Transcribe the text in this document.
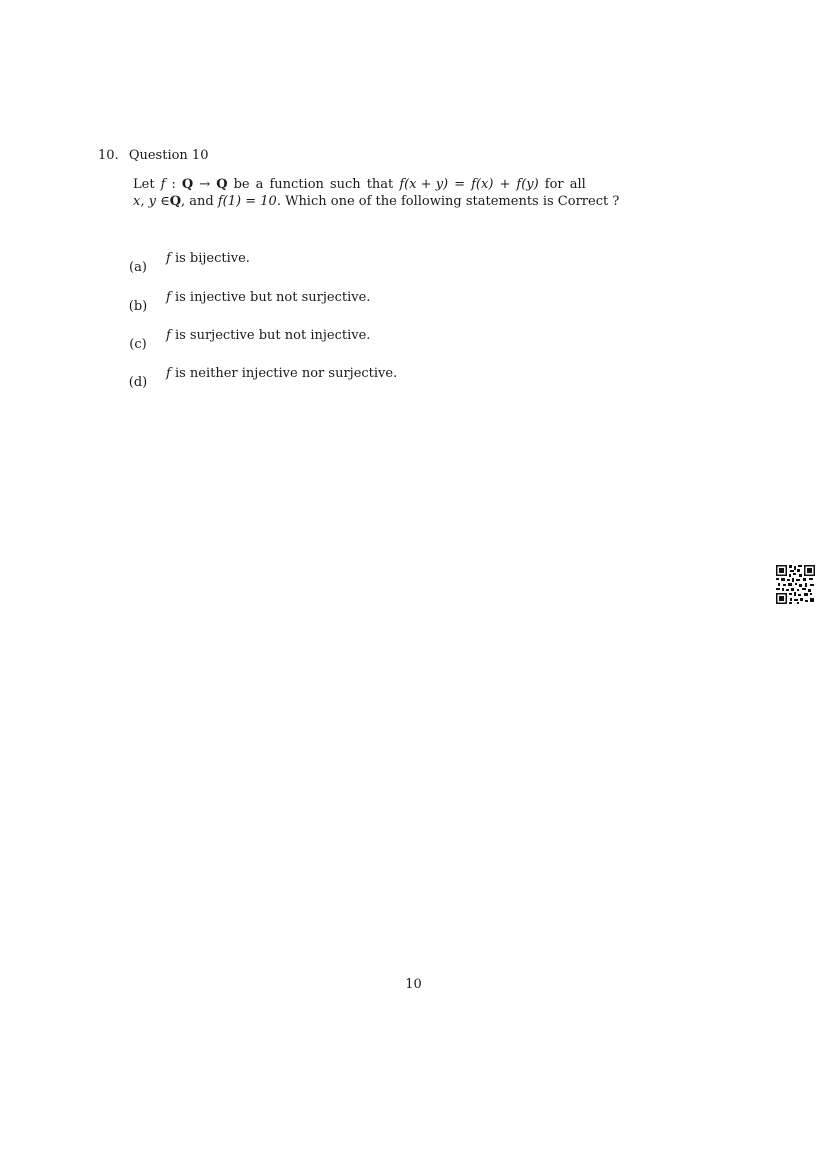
10. Question 10
Let f : Q → Q be a function such that f(x + y) = f(x) + f(y) for all
x, y ∈ Q , and f(1) = 10 . Which one of the following statements is Correct ?
(a)
f is bijective.
(b)
f is injective but not surjective.
(c)
f is surjective but not injective.
(d)
f is neither injective nor surjective.
10
